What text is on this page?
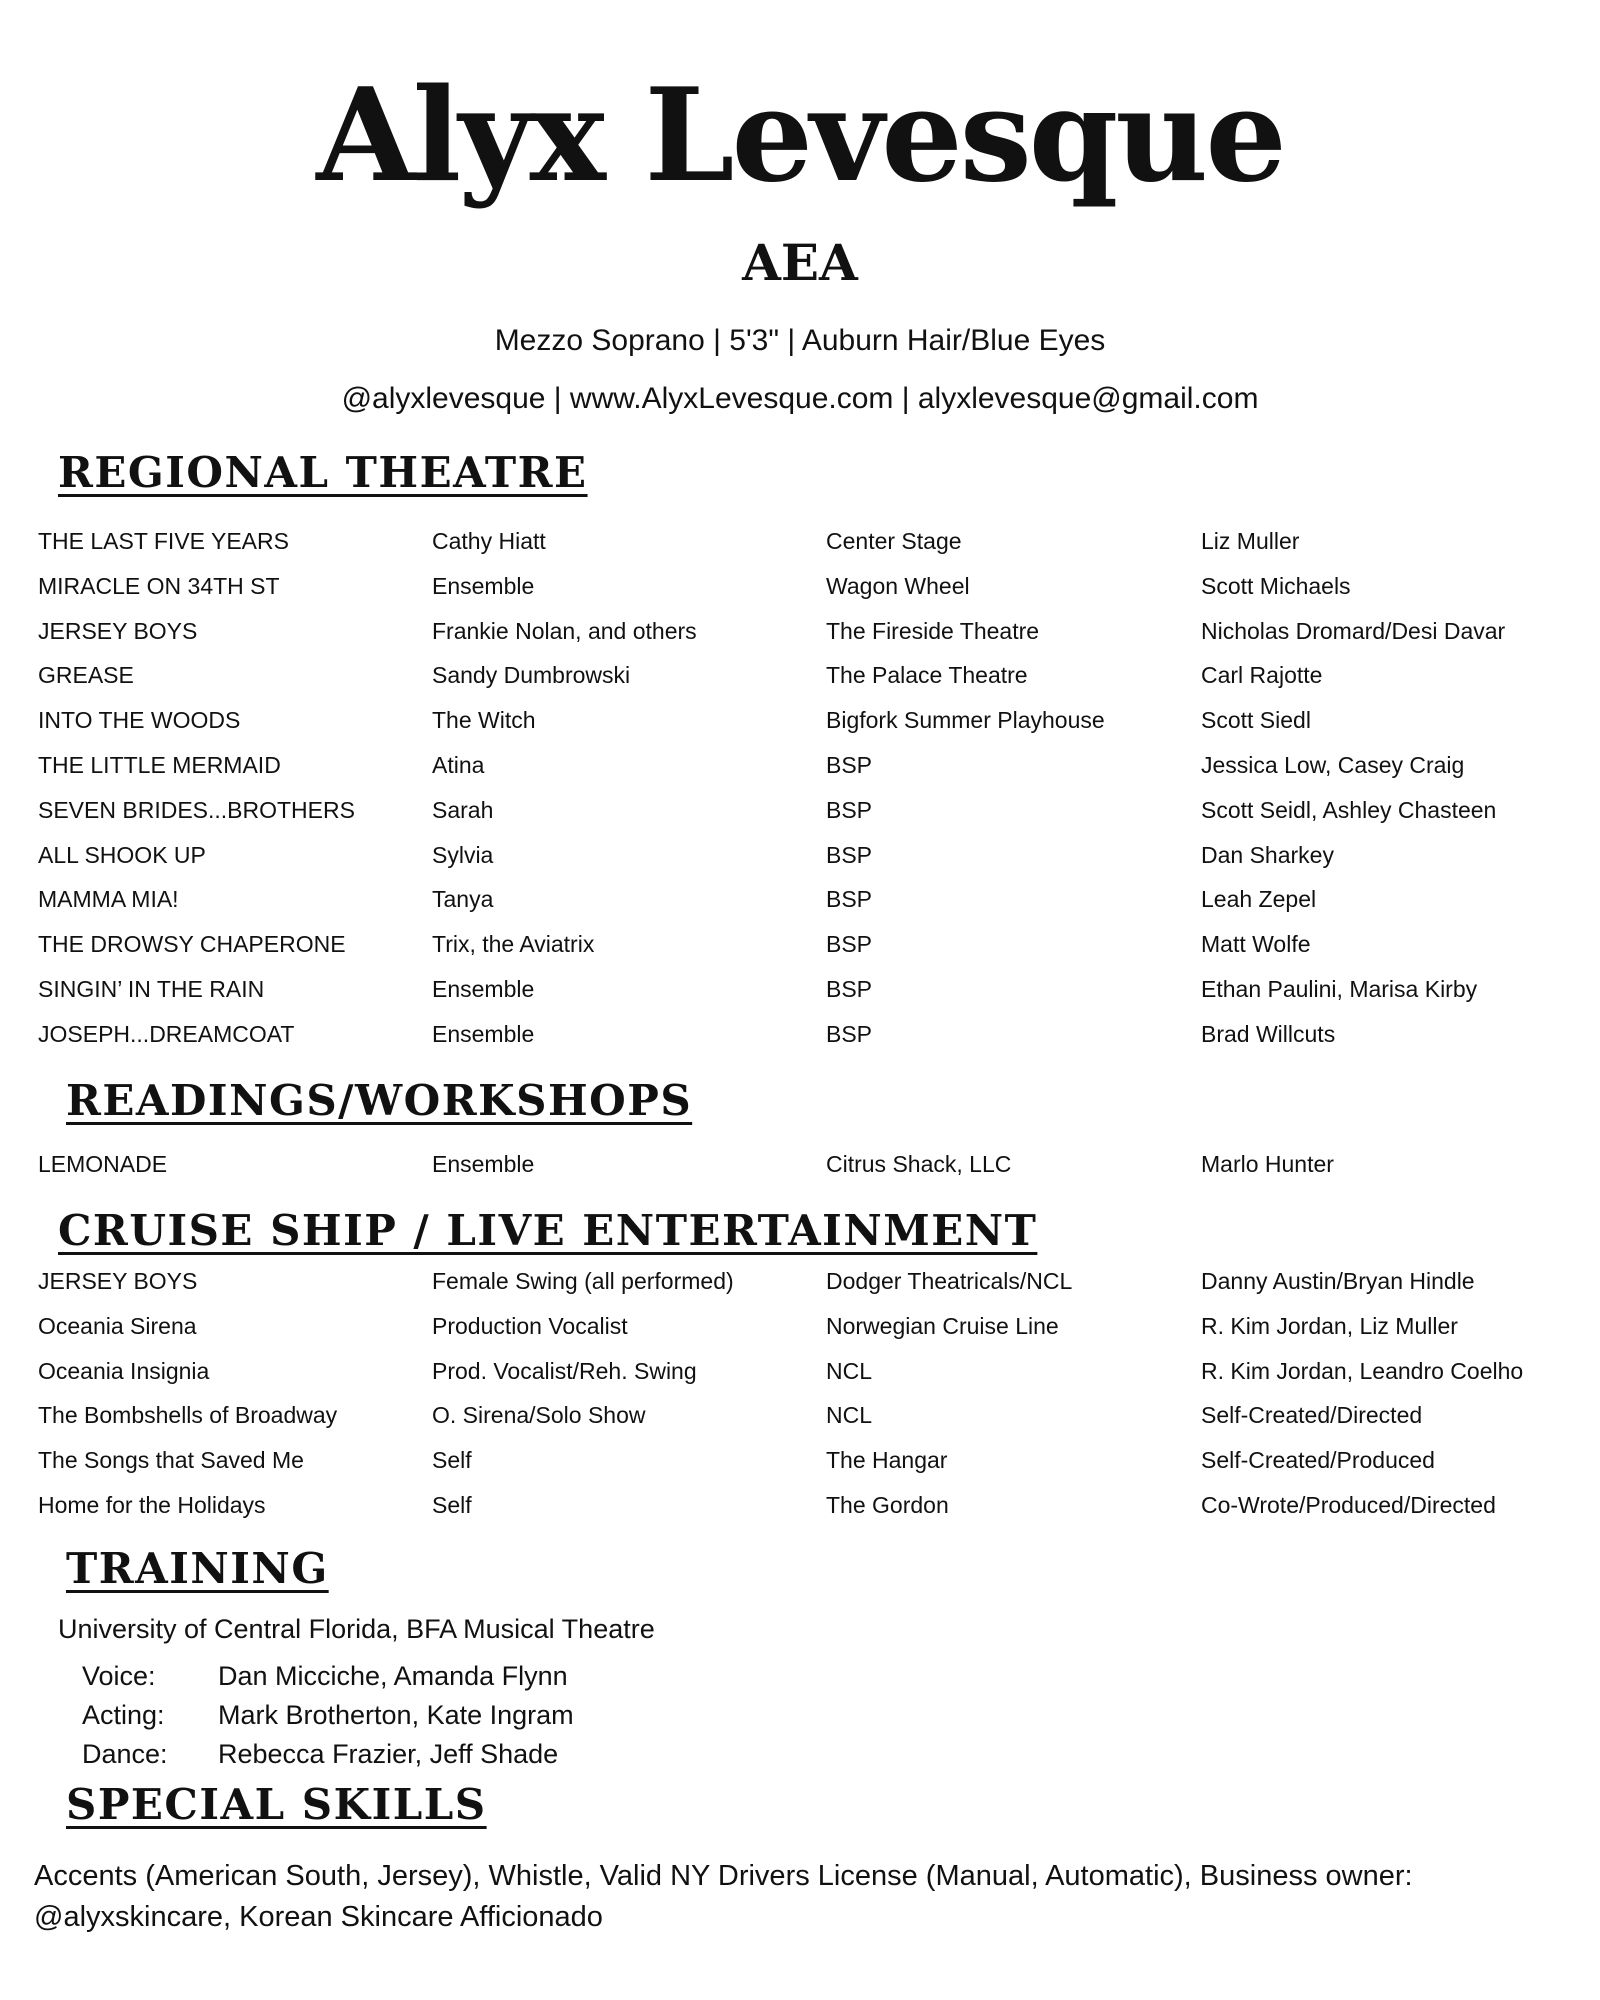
Alyx Levesque
AEA
Mezzo Soprano | 5'3" | Auburn Hair/Blue Eyes
@alyxlevesque | www.AlyxLevesque.com | alyxlevesque@gmail.com
REGIONAL THEATRE
THE LAST FIVE YEARS	Cathy Hiatt	Center Stage	Liz Muller
MIRACLE ON 34TH ST	Ensemble	Wagon Wheel	Scott Michaels
JERSEY BOYS	Frankie Nolan, and others	The Fireside Theatre	Nicholas Dromard/Desi Davar
GREASE	Sandy Dumbrowski	The Palace Theatre	Carl Rajotte
INTO THE WOODS	The Witch	Bigfork Summer Playhouse	Scott Siedl
THE LITTLE MERMAID	Atina	BSP	Jessica Low, Casey Craig
SEVEN BRIDES...BROTHERS	Sarah	BSP	Scott Seidl, Ashley Chasteen
ALL SHOOK UP	Sylvia	BSP	Dan Sharkey
MAMMA MIA!	Tanya	BSP	Leah Zepel
THE DROWSY CHAPERONE	Trix, the Aviatrix	BSP	Matt Wolfe
SINGIN’ IN THE RAIN	Ensemble	BSP	Ethan Paulini, Marisa Kirby
JOSEPH...DREAMCOAT	Ensemble	BSP	Brad Willcuts
READINGS/WORKSHOPS
LEMONADE	Ensemble	Citrus Shack, LLC	Marlo Hunter
CRUISE SHIP / LIVE ENTERTAINMENT
JERSEY BOYS	Female Swing (all performed)	Dodger Theatricals/NCL	Danny Austin/Bryan Hindle
Oceania Sirena	Production Vocalist	Norwegian Cruise Line	R. Kim Jordan, Liz Muller
Oceania Insignia	Prod. Vocalist/Reh. Swing	NCL	R. Kim Jordan, Leandro Coelho
The Bombshells of Broadway	O. Sirena/Solo Show	NCL	Self-Created/Directed
The Songs that Saved Me	Self	The Hangar	Self-Created/Produced
Home for the Holidays	Self	The Gordon	Co-Wrote/Produced/Directed
TRAINING
University of Central Florida, BFA Musical Theatre
Voice: Dan Micciche, Amanda Flynn
Acting: Mark Brotherton, Kate Ingram
Dance: Rebecca Frazier, Jeff Shade
SPECIAL SKILLS

Accents (American South, Jersey), Whistle, Valid NY Drivers License (Manual, Automatic), Business owner: @alyxskincare, Korean Skincare Afficionado
